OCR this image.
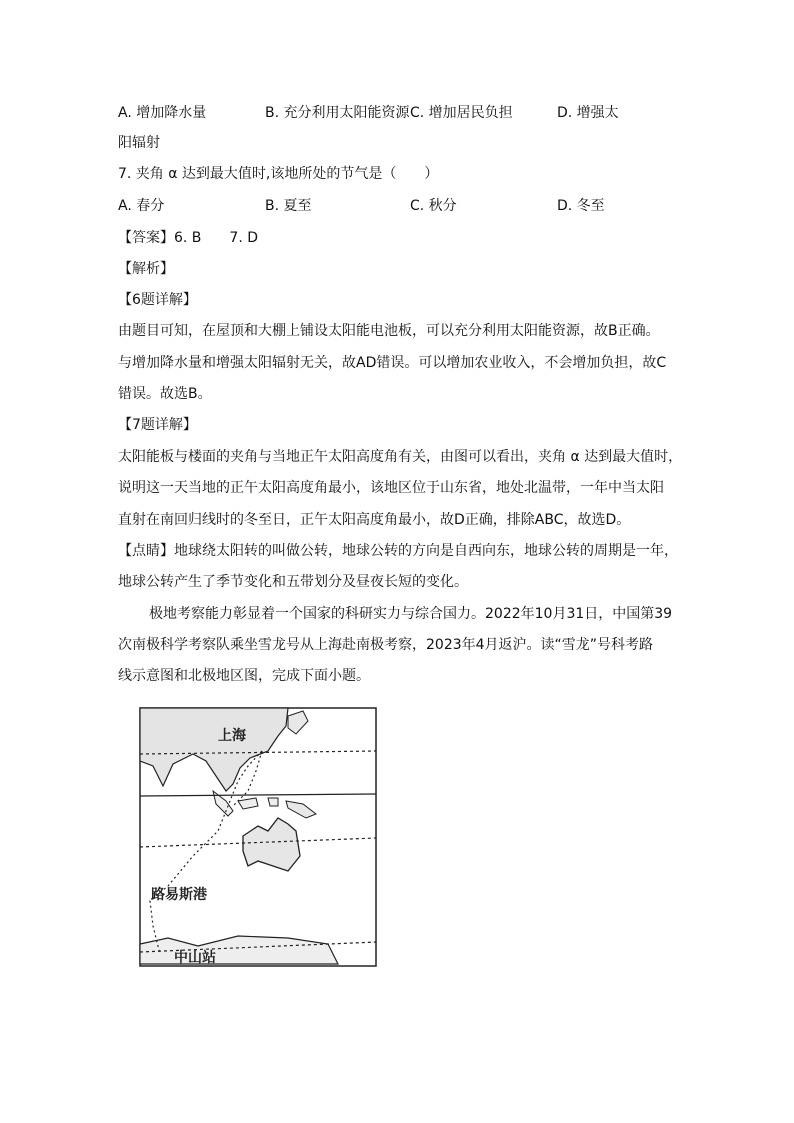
A. 增加降水量	B. 充分利用太阳能资源 C. 增加居民负担	D. 增强太
阳辐射
7. 夹角 α 达到最大值时,该地所处的节气是（　　）
A. 春分	B. 夏至	C. 秋分	D. 冬至
【答案】6. B　　7. D
【解析】
【6题详解】
由题目可知，在屋顶和大棚上铺设太阳能电池板，可以充分利用太阳能资源，故B正确。
与增加降水量和增强太阳辐射无关，故AD错误。可以增加农业收入，不会增加负担，故C
错误。故选B。
【7题详解】
太阳能板与楼面的夹角与当地正午太阳高度角有关，由图可以看出，夹角 α 达到最大值时，
说明这一天当地的正午太阳高度角最小，该地区位于山东省，地处北温带，一年中当太阳
直射在南回归线时的冬至日，正午太阳高度角最小，故D正确，排除ABC，故选D。
【点睛】地球绕太阳转的叫做公转，地球公转的方向是自西向东，地球公转的周期是一年，
地球公转产生了季节变化和五带划分及昼夜长短的变化。
极地考察能力彰显着一个国家的科研实力与综合国力。2022年10月31日，中国第39
次南极科学考察队乘坐雪龙号从上海赴南极考察，2023年4月返沪。读“雪龙”号科考路
线示意图和北极地区图，完成下面小题。
上海
路易斯港
中山站
